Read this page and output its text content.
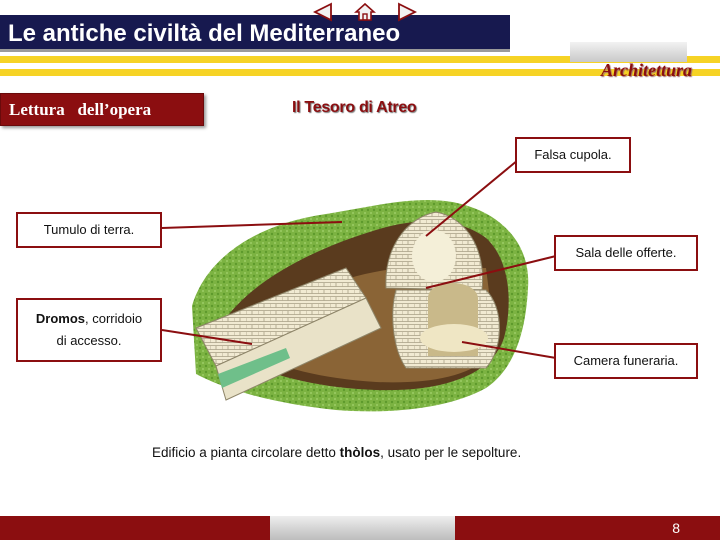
Le antiche civiltà del Mediterraneo
Architettura
Lettura dell’opera	Il Tesoro di Atreo
Falsa cupola.
Tumulo di terra.
Sala delle offerte.
Dromos, corridoio
di accesso.
Camera funeraria.
Edificio a pianta circolare detto thòlos, usato per le sepolture.
8
